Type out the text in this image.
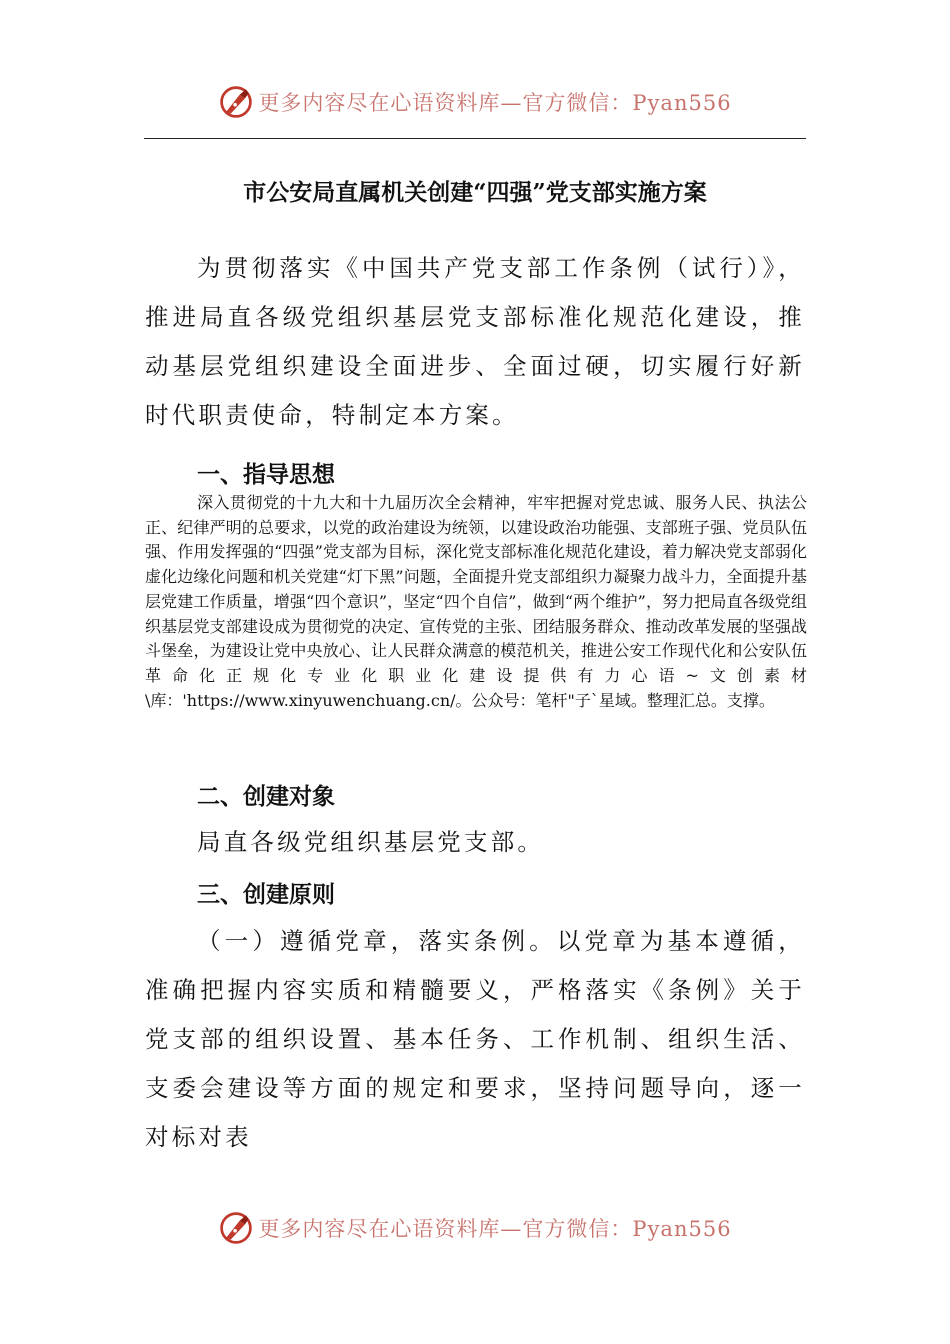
更多内容尽在心语资料库—官方微信：Pyan556
市公安局直属机关创建“四强”党支部实施方案

为贯彻落实《中国共产党支部工作条例（试行）》，推进局直各级党组织基层党支部标准化规范化建设，推动基层党组织建设全面进步、全面过硬，切实履行好新时代职责使命，特制定本方案。

一、指导思想

深入贯彻党的十九大和十九届历次全会精神，牢牢把握对党忠诚、服务人民、执法公正、纪律严明的总要求，以党的政治建设为统领，以建设政治功能强、支部班子强、党员队伍强、作用发挥强的“四强”党支部为目标，深化党支部标准化规范化建设，着力解决党支部弱化虚化边缘化问题和机关党建“灯下黑”问题，全面提升党支部组织力凝聚力战斗力，全面提升基层党建工作质量，增强“四个意识”，坚定“四个自信”，做到“两个维护”，努力把局直各级党组织基层党支部建设成为贯彻党的决定、宣传党的主张、团结服务群众、推动改革发展的坚强战斗堡垒，为建设让党中央放心、让人民群众满意的模范机关，推进公安工作现代化和公安队伍革命化正规化专业化职业化建设提供有力心语~文创素材\库：'https://www.xinyuwenchuang.cn/。公众号：笔杆"子`星域。整理汇总。支撑。

二、创建对象

局直各级党组织基层党支部。

三、创建原则

（一）遵循党章，落实条例。以党章为基本遵循，准确把握内容实质和精髓要义，严格落实《条例》关于党支部的组织设置、基本任务、工作机制、组织生活、支委会建设等方面的规定和要求，坚持问题导向，逐一对标对表

更多内容尽在心语资料库—官方微信：Pyan556
